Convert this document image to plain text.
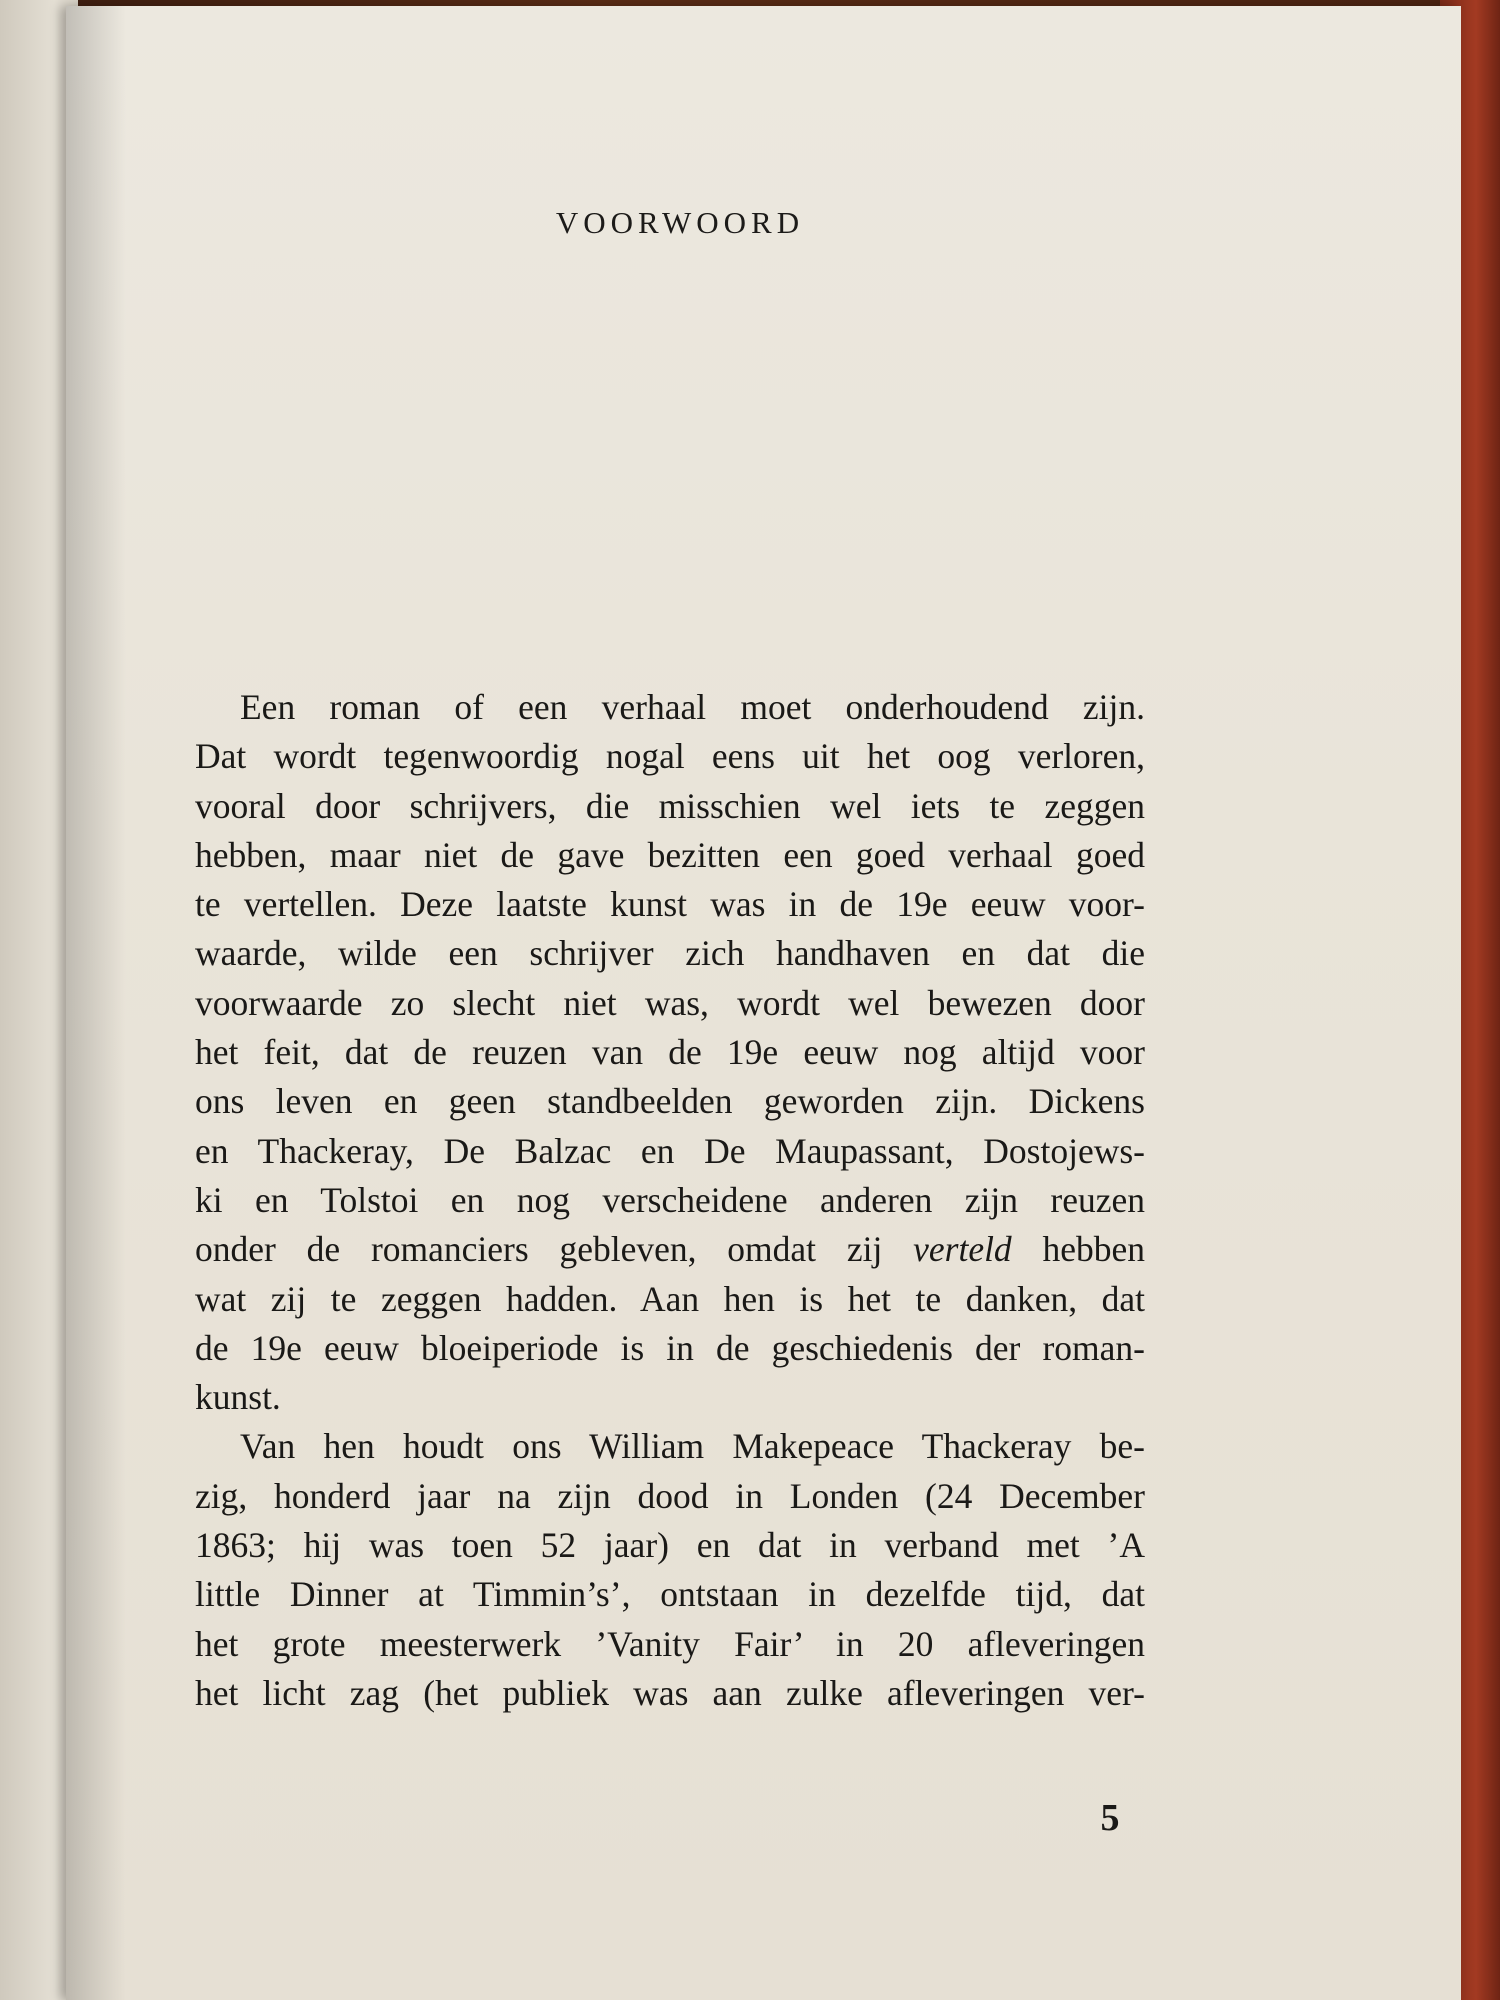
VOORWOORD
Een roman of een verhaal moet onderhoudend zijn.
Dat wordt tegenwoordig nogal eens uit het oog verloren,
vooral door schrijvers, die misschien wel iets te zeggen
hebben, maar niet de gave bezitten een goed verhaal goed
te vertellen. Deze laatste kunst was in de 19e eeuw voor-
waarde, wilde een schrijver zich handhaven en dat die
voorwaarde zo slecht niet was, wordt wel bewezen door
het feit, dat de reuzen van de 19e eeuw nog altijd voor
ons leven en geen standbeelden geworden zijn. Dickens
en Thackeray, De Balzac en De Maupassant, Dostojews-
ki en Tolstoi en nog verscheidene anderen zijn reuzen
onder de romanciers gebleven, omdat zij verteld hebben
wat zij te zeggen hadden. Aan hen is het te danken, dat
de 19e eeuw bloeiperiode is in de geschiedenis der roman-
kunst.
Van hen houdt ons William Makepeace Thackeray be-
zig, honderd jaar na zijn dood in Londen (24 December
1863; hij was toen 52 jaar) en dat in verband met ’A
little Dinner at Timmin’s’, ontstaan in dezelfde tijd, dat
het grote meesterwerk ’Vanity Fair’ in 20 afleveringen
het licht zag (het publiek was aan zulke afleveringen ver-
5
